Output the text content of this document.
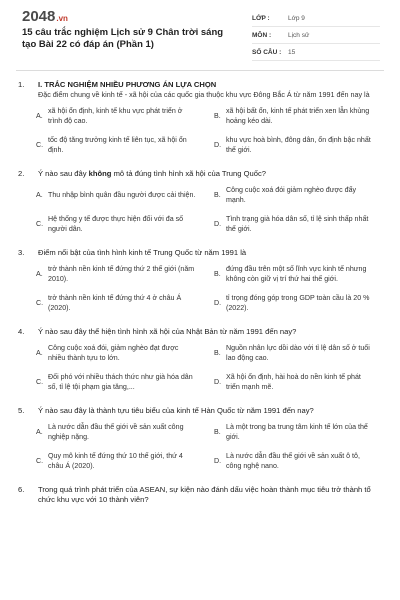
2048.vn
15 câu trắc nghiệm Lịch sử 9 Chân trời sáng tạo Bài 22 có đáp án (Phần 1)
LỚP :	Lớp 9
MÔN :	Lịch sử
SỐ CÂU :	15
1.	I. TRẮC NGHIỆM NHIỀU PHƯƠNG ÁN LỰA CHỌN
Đặc điểm chung về kinh tế - xã hội của các quốc gia thuộc khu vực Đông Bắc Á từ năm 1991 đến nay là
A.
xã hội ổn định, kinh tế khu vực phát triển ở trình độ cao.
B.
xã hội bất ổn, kinh tế phát triển xen lẫn khủng hoảng kéo dài.
C.
tốc độ tăng trưởng kinh tế liên tục, xã hội ổn định.
D.
khu vực hoà bình, đông dân, ổn định bậc nhất thế giới.
2.	Ý nào sau đây không mô tả đúng tình hình xã hội của Trung Quốc?
A. Thu nhập bình quân đầu người được cải thiện.	B.
Công cuộc xoá đói giảm nghèo được đẩy mạnh.
C.
Hệ thống y tế được thực hiện đối với đa số người dân.
D.
Tình trạng già hóa dân số, tỉ lệ sinh thấp nhất thế giới.
3.	Điểm nổi bật của tình hình kinh tế Trung Quốc từ năm 1991 là
A.
trở thành nền kinh tế đứng thứ 2 thế giới (năm 2010).
B.
đứng đầu trên một số lĩnh vực kinh tế nhưng không còn giữ vị trí thứ hai thế giới.
C.
trở thành nền kinh tế đứng thứ 4 ở châu Á (2020).
D.
tỉ trọng đóng góp trong GDP toàn cầu là 20 % (2022).
4.	Ý nào sau đây thể hiện tình hình xã hội của Nhật Bản từ năm 1991 đến nay?
A.
Công cuộc xoá đói, giảm nghèo đạt được nhiều thành tựu to lớn.
B.
Nguồn nhân lực dồi dào với tỉ lệ dân số ở tuổi lao động cao.
C.
Đối phó với nhiều thách thức như già hóa dân số, tỉ lệ tội phạm gia tăng,...
D.
Xã hội ổn định, hài hoà do nền kinh tế phát triển mạnh mẽ.
5.	Ý nào sau đây là thành tựu tiêu biểu của kinh tế Hàn Quốc từ năm 1991 đến nay?
A.
Là nước dẫn đầu thế giới về sản xuất công nghiệp nặng.
B.
Là một trong ba trung tâm kinh tế lớn của thế giới.
C.
Quy mô kinh tế đứng thứ 10 thế giới, thứ 4 châu Á (2020).
D.
Là nước dẫn đầu thế giới về sản xuất ô tô, công nghệ nano.
6.	Trong quá trình phát triển của ASEAN, sự kiện nào đánh dấu việc hoàn thành mục tiêu trở thành tổ chức khu vực với 10 thành viên?
